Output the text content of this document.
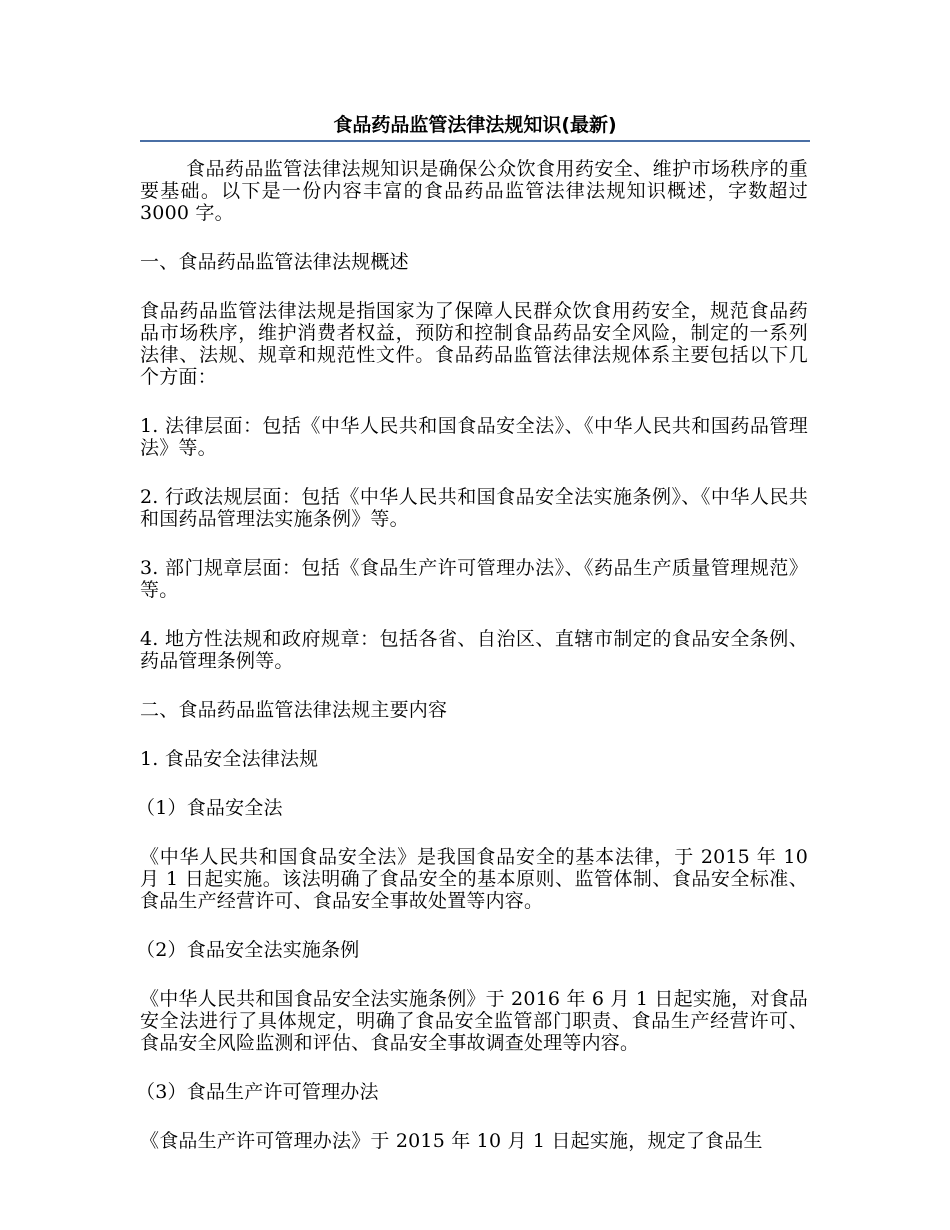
食品药品监管法律法规知识(最新)

食品药品监管法律法规知识是确保公众饮食用药安全、维护市场秩序的重要基础。以下是一份内容丰富的食品药品监管法律法规知识概述，字数超过 3000 字。

一、食品药品监管法律法规概述

食品药品监管法律法规是指国家为了保障人民群众饮食用药安全，规范食品药品市场秩序，维护消费者权益，预防和控制食品药品安全风险，制定的一系列法律、法规、规章和规范性文件。食品药品监管法律法规体系主要包括以下几个方面：

1. 法律层面：包括《中华人民共和国食品安全法》、《中华人民共和国药品管理法》等。

2. 行政法规层面：包括《中华人民共和国食品安全法实施条例》、《中华人民共和国药品管理法实施条例》等。

3. 部门规章层面：包括《食品生产许可管理办法》、《药品生产质量管理规范》等。

4. 地方性法规和政府规章：包括各省、自治区、直辖市制定的食品安全条例、药品管理条例等。

二、食品药品监管法律法规主要内容

1. 食品安全法律法规

（1）食品安全法

《中华人民共和国食品安全法》是我国食品安全的基本法律，于 2015 年 10 月 1 日起实施。该法明确了食品安全的基本原则、监管体制、食品安全标准、食品生产经营许可、食品安全事故处置等内容。

（2）食品安全法实施条例

《中华人民共和国食品安全法实施条例》于 2016 年 6 月 1 日起实施，对食品安全法进行了具体规定，明确了食品安全监管部门职责、食品生产经营许可、食品安全风险监测和评估、食品安全事故调查处理等内容。

（3）食品生产许可管理办法

《食品生产许可管理办法》于 2015 年 10 月 1 日起实施，规定了食品生
